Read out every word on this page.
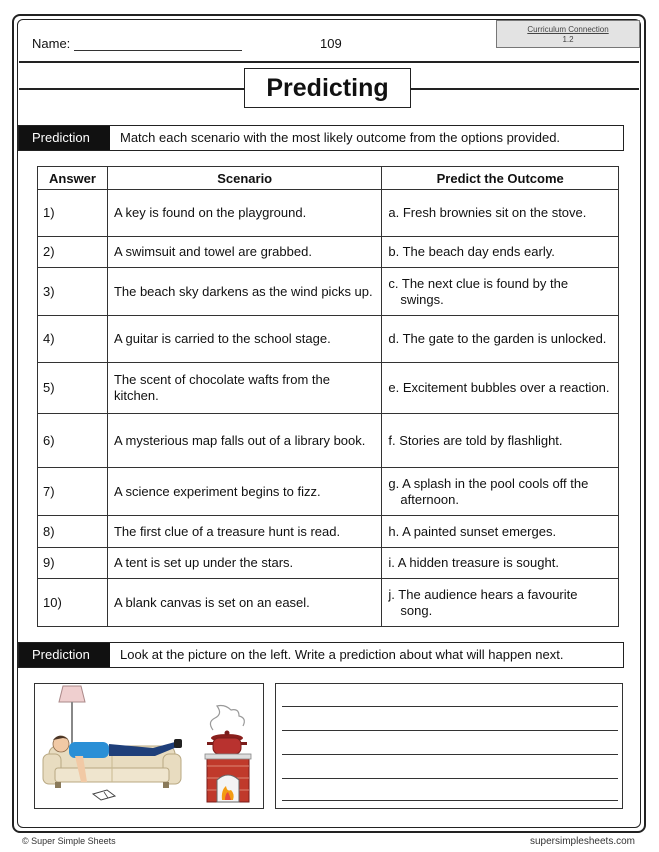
Name:	109
Curriculum Connection
1.2
Predicting
Prediction	Match each scenario with the most likely outcome from the options provided.
Answer	Scenario	Predict the Outcome
1)	A key is found on the playground.	a. Fresh brownies sit on the stove.

2)	A swimsuit and towel are grabbed.	b. The beach day ends early.

3)	The beach sky darkens as the wind picks up.	c. The next clue is found by the swings.

4)	A guitar is carried to the school stage.	d. The gate to the garden is unlocked.

5)	The scent of chocolate wafts from the kitchen.	e. Excitement bubbles over a reaction.

6)	A mysterious map falls out of a library book.	f. Stories are told by flashlight.

7)	A science experiment begins to fizz.	g. A splash in the pool cools off the afternoon.

8)	The first clue of a treasure hunt is read.	h. A painted sunset emerges.

9)	A tent is set up under the stars.	i. A hidden treasure is sought.

10)	A blank canvas is set on an easel.	j. The audience hears a favourite song.
Prediction	Look at the picture on the left. Write a prediction about what will happen next.
© Super Simple Sheets	supersimplesheets.com
